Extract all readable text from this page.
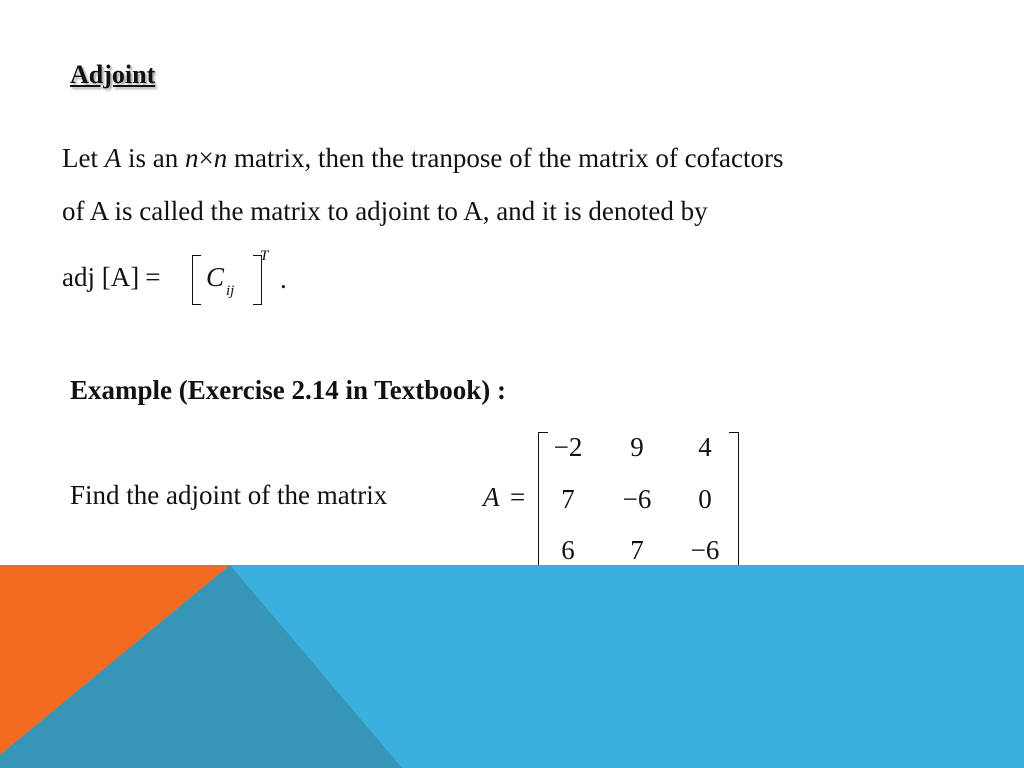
Adjoint
Let A is an n×n matrix, then the tranpose of the matrix of cofactors
of A is called the matrix to adjoint to A, and it is denoted by
adj [A] = C ij
T
.
Example (Exercise 2.14 in Textbook) :
Find the adjoint of the matrix	A =
−2	9	4
7	−6	0
6	7	−6
